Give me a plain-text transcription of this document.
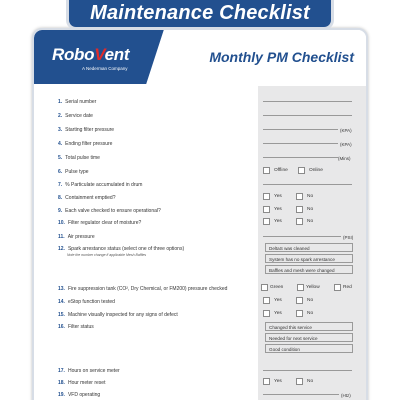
RoboVent
A Nederman Company
Monthly PM Checklist
1. Serial number
2. Service date
3. Starting filter pressure	(KPA)
4. Ending filter pressure	(KPA)
5. Total pulse time	(Mins)
6. Pulse type	Offline	Online
7. % Particulate accumulated in drum
8. Containment emptied?	Yes	No
9. Each valve checked to ensure operational?	Yes	No
10. Filter regulator clear of moisture?	Yes	No
11. Air pressure	(PSI)
12. Spark arrestance status (select one of three options)
Note the number change if applicable Mesh Baffles
DeltaS was cleaned
System has no spark arrestance
Baffles and mesh were changed
13. Fire suppression tank (CO², Dry Chemical, or FM200) pressure checked	Green	Yellow	Red
14. eStop function tested	Yes	No
15. Machine visually inspected for any signs of defect	Yes	No
16. Filter status	Changed this service
Needed for next service
Good condition
17. Hours on service meter
18. Hour meter reset	Yes	No
19. VFD operating	(Htz)
Maintenance Checklist
